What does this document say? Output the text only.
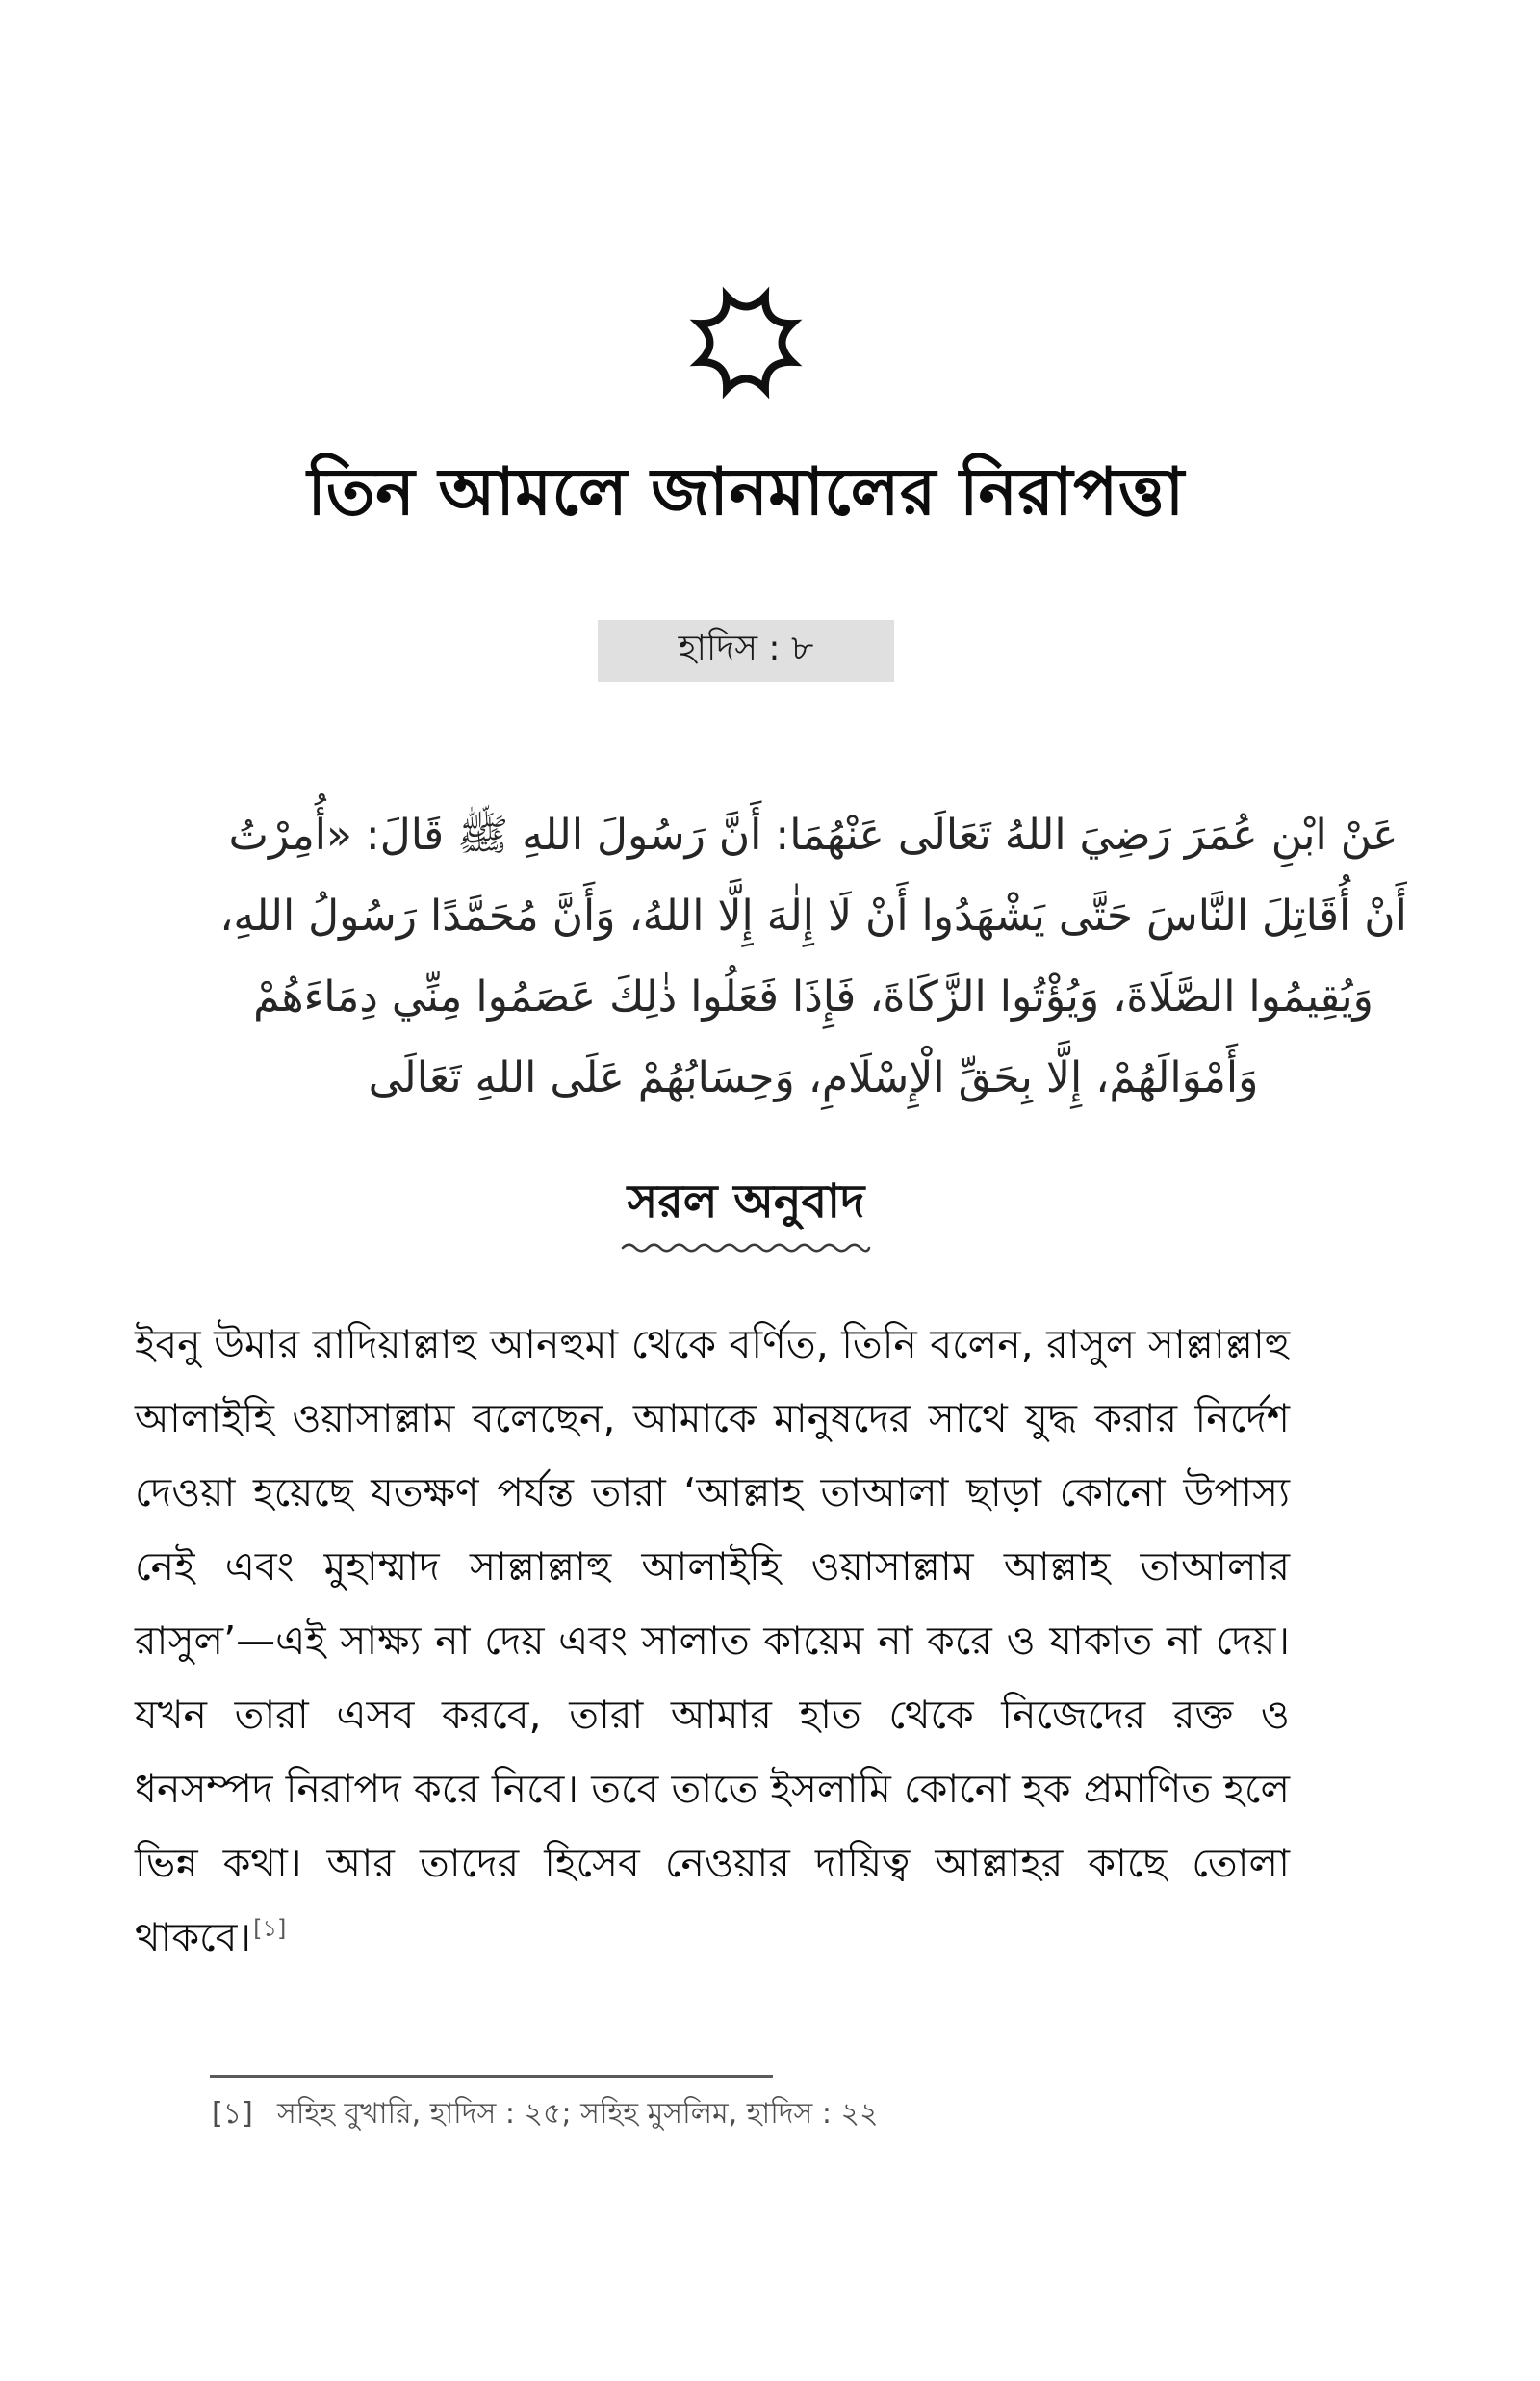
তিন আমলে জানমালের নিরাপত্তা
হাদিস : ৮
عَنْ ابْنِ عُمَرَ رَضِيَ اللهُ تَعَالَى عَنْهُمَا: أَنَّ رَسُولَ اللهِ ﷺ قَالَ: «أُمِرْتُ
أَنْ أُقَاتِلَ النَّاسَ حَتَّى يَشْهَدُوا أَنْ لَا إِلٰهَ إِلَّا اللهُ، وَأَنَّ مُحَمَّدًا رَسُولُ اللهِ،
وَيُقِيمُوا الصَّلَاةَ، وَيُؤْتُوا الزَّكَاةَ، فَإِذَا فَعَلُوا ذٰلِكَ عَصَمُوا مِنِّي دِمَاءَهُمْ
وَأَمْوَالَهُمْ، إِلَّا بِحَقِّ الْإِسْلَامِ، وَحِسَابُهُمْ عَلَى اللهِ تَعَالَى
সরল অনুবাদ

ইবনু উমার রাদিয়াল্লাহু আনহুমা থেকে বর্ণিত, তিনি বলেন, রাসুল সাল্লাল্লাহু আলাইহি ওয়াসাল্লাম বলেছেন, আমাকে মানুষদের সাথে যুদ্ধ করার নির্দেশ দেওয়া হয়েছে যতক্ষণ পর্যন্ত তারা ‘আল্লাহ তাআলা ছাড়া কোনো উপাস্য নেই এবং মুহাম্মাদ সাল্লাল্লাহু আলাইহি ওয়াসাল্লাম আল্লাহ তাআলার রাসুল’—এই সাক্ষ্য না দেয় এবং সালাত কায়েম না করে ও যাকাত না দেয়। যখন তারা এসব করবে, তারা আমার হাত থেকে নিজেদের রক্ত ও ধনসম্পদ নিরাপদ করে নিবে। তবে তাতে ইসলামি কোনো হক প্রমাণিত হলে ভিন্ন কথা। আর তাদের হিসেব নেওয়ার দায়িত্ব আল্লাহর কাছে তোলা থাকবে।[১]

[১] সহিহ বুখারি, হাদিস : ২৫; সহিহ মুসলিম, হাদিস : ২২
